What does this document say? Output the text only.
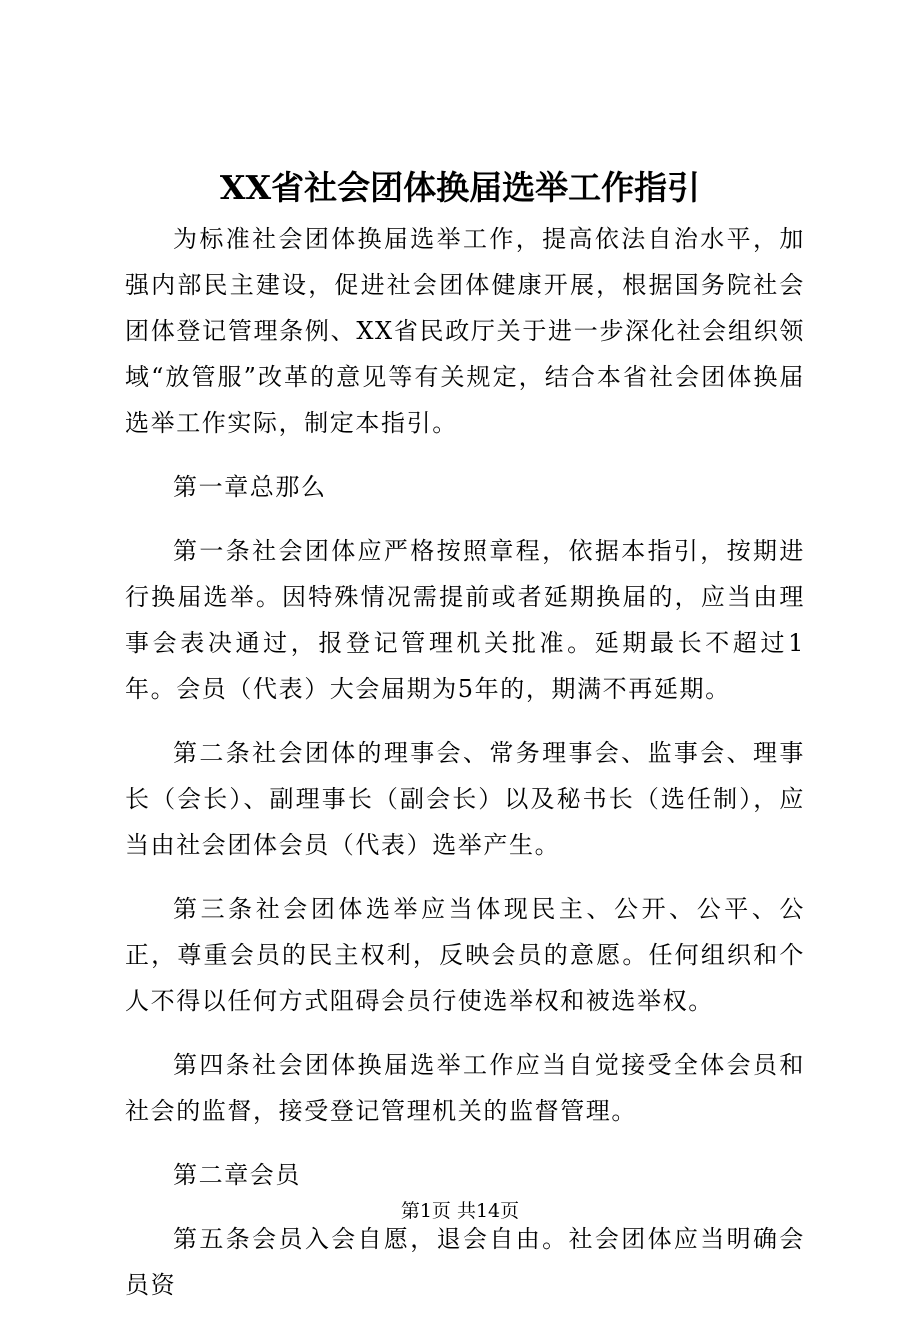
XX省社会团体换届选举工作指引

为标准社会团体换届选举工作，提高依法自治水平，加强内部民主建设，促进社会团体健康开展，根据国务院社会团体登记管理条例、XX省民政厅关于进一步深化社会组织领域“放管服”改革的意见等有关规定，结合本省社会团体换届选举工作实际，制定本指引。

第一章总那么

第一条社会团体应严格按照章程，依据本指引，按期进行换届选举。因特殊情况需提前或者延期换届的，应当由理事会表决通过，报登记管理机关批准。延期最长不超过1年。会员（代表）大会届期为5年的，期满不再延期。

第二条社会团体的理事会、常务理事会、监事会、理事长（会长）、副理事长（副会长）以及秘书长（选任制），应当由社会团体会员（代表）选举产生。

第三条社会团体选举应当体现民主、公开、公平、公正，尊重会员的民主权利，反映会员的意愿。任何组织和个人不得以任何方式阻碍会员行使选举权和被选举权。

第四条社会团体换届选举工作应当自觉接受全体会员和社会的监督，接受登记管理机关的监督管理。

第二章会员

第五条会员入会自愿，退会自由。社会团体应当明确会员资

第1页 共14页
